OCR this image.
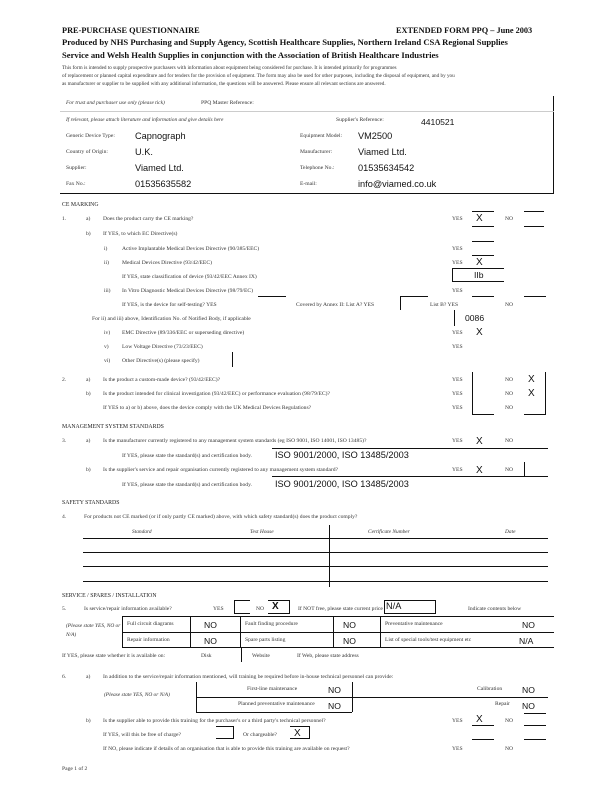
PRE-PURCHASE QUESTIONNAIRE	EXTENDED FORM PPQ – June 2003
Produced by NHS Purchasing and Supply Agency, Scottish Healthcare Supplies, Northern Ireland CSA Regional Supplies
Service and Welsh Health Supplies in conjunction with the Association of British Healthcare Industries
This form is intended to supply prospective purchasers with information about equipment being considered for purchase. It is intended primarily for programmes
of replacement or planned capital expenditure and for tenders for the provision of equipment. The form may also be used for other purposes, including the disposal of equipment, and by you
as manufacturer or supplier to be supplied with any additional information, the questions will be answered. Please ensure all relevant sections are answered.
For trust and purchaser use only (please tick)	PPQ Master Reference:
If relevant, please attach literature and information and give details here	Supplier's Reference:	4410521
Generic Device Type: Capnograph	Equipment Model: VM2500
Country of Origin:	U.K.	Manufacturer:	Viamed Ltd.
Supplier:	Viamed Ltd.	Telephone No.:	01535634542
Fax No.:	01535635582	E-mail:	info@viamed.co.uk
CE MARKING
1.	a) Does the product carry the CE marking?	YES X	NO
b) If YES, to which EC Directive(s)
i)	Active Implantable Medical Devices Directive (90/385/EEC)	YES
ii) Medical Devices Directive (93/42/EEC)	YES X
If YES, state classification of device (93/42/EEC Annex IX)	IIb
iii) In Vitro Diagnostic Medical Devices Directive (98/79/EC)	YES
If YES, is the device for self-testing? YES	Covered by Annex II: List A? YES	List B? YES	NO
For ii) and iii) above, Identification No. of Notified Body, if applicable	0086
iv) EMC Directive (89/336/EEC or superseding directive)	YES X
v) Low Voltage Directive (73/23/EEC)	YES
vi) Other Directive(s) (please specify)
2.	a) Is the product a custom-made device? (93/42/EEC)?	YES	NO X
b) Is the product intended for clinical investigation (93/42/EEC) or performance evaluation (98/79/EC)?	YES	NO X
If YES to a) or b) above, does the device comply with the UK Medical Devices Regulations?	YES	NO
MANAGEMENT SYSTEM STANDARDS
3.	a) Is the manufacturer currently registered to any management system standards (eg ISO 9001, ISO 14001, ISO 13485)?	YES X	NO
If YES, please state the standard(s) and certification body.	ISO 9001/2000, ISO 13485/2003
b) Is the supplier's service and repair organisation currently registered to any management system standard?	YES X	NO
If YES, please state the standard(s) and certification body.	ISO 9001/2000, ISO 13485/2003
SAFETY STANDARDS
4.	For products not CE marked (or if only partly CE marked) above, with which safety standard(s) does the product comply?
Standard	Test House	Certificate Number	Date
SERVICE / SPARES / INSTALLATION
5.	Is service/repair information available?	YES	NO X	If NOT free, please state current price N/A	Indicate contents below
(Please state YES, NO or N/A)
Full circuit diagrams	NO	Fault finding procedure	NO	Preventative maintenance	NO
Repair information	NO	Spare parts listing	NO	List of special tools/test equipment etc	N/A
If YES, please state whether it is available on:	Disk	Website	If Web, please state address
6.	a) In addition to the service/repair information mentioned, will training be required before in-house technical personnel can provide:
(Please state YES, NO or N/A)
First-line maintenance	NO	Calibration NO
Planned preventative maintenance NO	Repair NO
b) Is the supplier able to provide this training for the purchaser's or a third party's technical personnel?	YES X	NO
If YES, will this be free of charge?	Or chargeable? X
If NO, please indicate if details of an organisation that is able to provide this training are available on request?	YES	NO
Page 1 of 2
